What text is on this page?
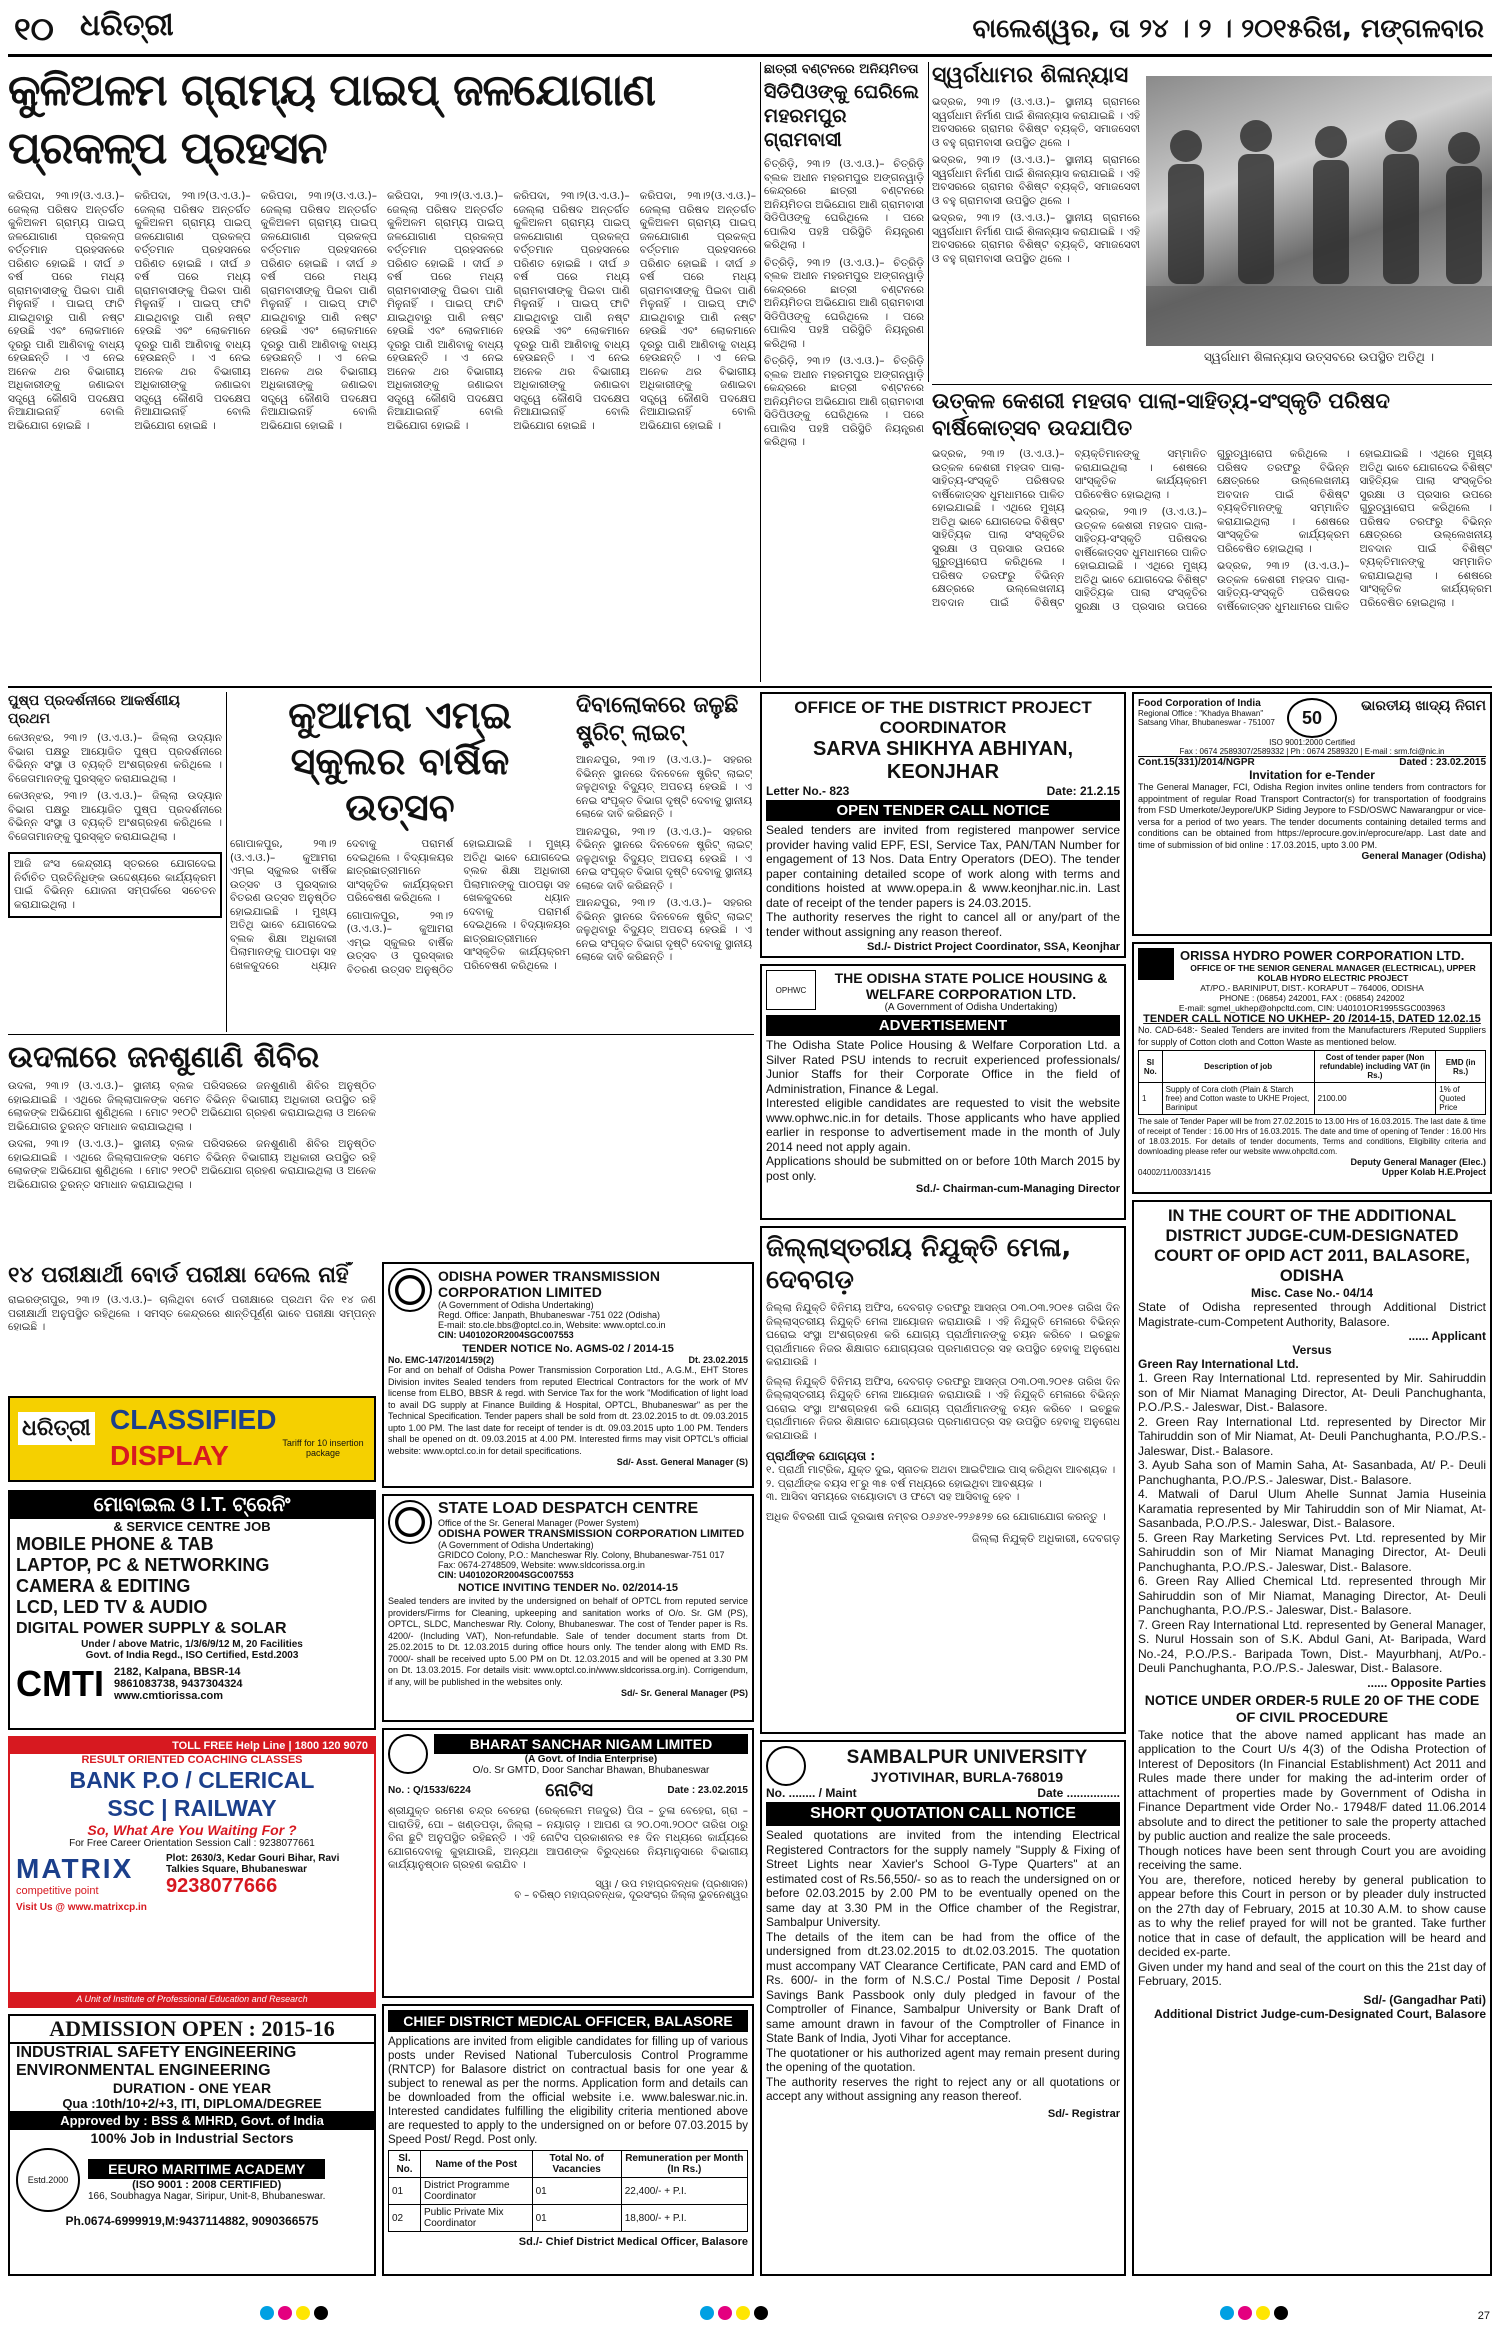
୧୦ ଧରିତ୍ରୀ	ବାଲେଶ୍ୱର, ତା ୨୪ । ୨ । ୨୦୧୫ରିଖ, ମଙ୍ଗଳବାର
କୁଳିଅଳମ ଗ୍ରାମ୍ୟ ପାଇପ୍ ଜଳଯୋଗାଣ ପ୍ରକଳ୍ପ ପ୍ରହସନ

କରିପଦା, ୨୩।୨(ଓ.ଏ.ଓ.)– ଜେଲ୍ଲା ପରିଷଦ ଅନ୍ତର୍ଗତ କୁଳିଅଳମ ଗ୍ରାମ୍ୟ ପାଇପ୍ ଜଳଯୋଗାଣ ପ୍ରକଳ୍ପ ବର୍ତ୍ତମାନ ପ୍ରହସନରେ ପରିଣତ ହୋଇଛି । ଦୀର୍ଘ ୬ ବର୍ଷ ପରେ ମଧ୍ୟ ଗ୍ରାମବାସୀଙ୍କୁ ପିଇବା ପାଣି ମିଳୁନାହିଁ । ପାଇପ୍ ଫାଟି ଯାଇଥିବାରୁ ପାଣି ନଷ୍ଟ ହେଉଛି ଏବଂ ଲୋକମାନେ ଦୂରରୁ ପାଣି ଆଣିବାକୁ ବାଧ୍ୟ ହେଉଛନ୍ତି । ଏ ନେଇ ଅନେକ ଥର ବିଭାଗୀୟ ଅଧିକାରୀଙ୍କୁ ଜଣାଇବା ସତ୍ତ୍ୱେ କୌଣସି ପଦକ୍ଷେପ ନିଆଯାଇନାହିଁ ବୋଲି ଅଭିଯୋଗ ହୋଇଛି ।

କରିପଦା, ୨୩।୨(ଓ.ଏ.ଓ.)– ଜେଲ୍ଲା ପରିଷଦ ଅନ୍ତର୍ଗତ କୁଳିଅଳମ ଗ୍ରାମ୍ୟ ପାଇପ୍ ଜଳଯୋଗାଣ ପ୍ରକଳ୍ପ ବର୍ତ୍ତମାନ ପ୍ରହସନରେ ପରିଣତ ହୋଇଛି । ଦୀର୍ଘ ୬ ବର୍ଷ ପରେ ମଧ୍ୟ ଗ୍ରାମବାସୀଙ୍କୁ ପିଇବା ପାଣି ମିଳୁନାହିଁ । ପାଇପ୍ ଫାଟି ଯାଇଥିବାରୁ ପାଣି ନଷ୍ଟ ହେଉଛି ଏବଂ ଲୋକମାନେ ଦୂରରୁ ପାଣି ଆଣିବାକୁ ବାଧ୍ୟ ହେଉଛନ୍ତି । ଏ ନେଇ ଅନେକ ଥର ବିଭାଗୀୟ ଅଧିକାରୀଙ୍କୁ ଜଣାଇବା ସତ୍ତ୍ୱେ କୌଣସି ପଦକ୍ଷେପ ନିଆଯାଇନାହିଁ ବୋଲି ଅଭିଯୋଗ ହୋଇଛି ।

କରିପଦା, ୨୩।୨(ଓ.ଏ.ଓ.)– ଜେଲ୍ଲା ପରିଷଦ ଅନ୍ତର୍ଗତ କୁଳିଅଳମ ଗ୍ରାମ୍ୟ ପାଇପ୍ ଜଳଯୋଗାଣ ପ୍ରକଳ୍ପ ବର୍ତ୍ତମାନ ପ୍ରହସନରେ ପରିଣତ ହୋଇଛି । ଦୀର୍ଘ ୬ ବର୍ଷ ପରେ ମଧ୍ୟ ଗ୍ରାମବାସୀଙ୍କୁ ପିଇବା ପାଣି ମିଳୁନାହିଁ । ପାଇପ୍ ଫାଟି ଯାଇଥିବାରୁ ପାଣି ନଷ୍ଟ ହେଉଛି ଏବଂ ଲୋକମାନେ ଦୂରରୁ ପାଣି ଆଣିବାକୁ ବାଧ୍ୟ ହେଉଛନ୍ତି । ଏ ନେଇ ଅନେକ ଥର ବିଭାଗୀୟ ଅଧିକାରୀଙ୍କୁ ଜଣାଇବା ସତ୍ତ୍ୱେ କୌଣସି ପଦକ୍ଷେପ ନିଆଯାଇନାହିଁ ବୋଲି ଅଭିଯୋଗ ହୋଇଛି ।

କରିପଦା, ୨୩।୨(ଓ.ଏ.ଓ.)– ଜେଲ୍ଲା ପରିଷଦ ଅନ୍ତର୍ଗତ କୁଳିଅଳମ ଗ୍ରାମ୍ୟ ପାଇପ୍ ଜଳଯୋଗାଣ ପ୍ରକଳ୍ପ ବର୍ତ୍ତମାନ ପ୍ରହସନରେ ପରିଣତ ହୋଇଛି । ଦୀର୍ଘ ୬ ବର୍ଷ ପରେ ମଧ୍ୟ ଗ୍ରାମବାସୀଙ୍କୁ ପିଇବା ପାଣି ମିଳୁନାହିଁ । ପାଇପ୍ ଫାଟି ଯାଇଥିବାରୁ ପାଣି ନଷ୍ଟ ହେଉଛି ଏବଂ ଲୋକମାନେ ଦୂରରୁ ପାଣି ଆଣିବାକୁ ବାଧ୍ୟ ହେଉଛନ୍ତି । ଏ ନେଇ ଅନେକ ଥର ବିଭାଗୀୟ ଅଧିକାରୀଙ୍କୁ ଜଣାଇବା ସତ୍ତ୍ୱେ କୌଣସି ପଦକ୍ଷେପ ନିଆଯାଇନାହିଁ ବୋଲି ଅଭିଯୋଗ ହୋଇଛି ।

କରିପଦା, ୨୩।୨(ଓ.ଏ.ଓ.)– ଜେଲ୍ଲା ପରିଷଦ ଅନ୍ତର୍ଗତ କୁଳିଅଳମ ଗ୍ରାମ୍ୟ ପାଇପ୍ ଜଳଯୋଗାଣ ପ୍ରକଳ୍ପ ବର୍ତ୍ତମାନ ପ୍ରହସନରେ ପରିଣତ ହୋଇଛି । ଦୀର୍ଘ ୬ ବର୍ଷ ପରେ ମଧ୍ୟ ଗ୍ରାମବାସୀଙ୍କୁ ପିଇବା ପାଣି ମିଳୁନାହିଁ । ପାଇପ୍ ଫାଟି ଯାଇଥିବାରୁ ପାଣି ନଷ୍ଟ ହେଉଛି ଏବଂ ଲୋକମାନେ ଦୂରରୁ ପାଣି ଆଣିବାକୁ ବାଧ୍ୟ ହେଉଛନ୍ତି । ଏ ନେଇ ଅନେକ ଥର ବିଭାଗୀୟ ଅଧିକାରୀଙ୍କୁ ଜଣାଇବା ସତ୍ତ୍ୱେ କୌଣସି ପଦକ୍ଷେପ ନିଆଯାଇନାହିଁ ବୋଲି ଅଭିଯୋଗ ହୋଇଛି ।

କରିପଦା, ୨୩।୨(ଓ.ଏ.ଓ.)– ଜେଲ୍ଲା ପରିଷଦ ଅନ୍ତର୍ଗତ କୁଳିଅଳମ ଗ୍ରାମ୍ୟ ପାଇପ୍ ଜଳଯୋଗାଣ ପ୍ରକଳ୍ପ ବର୍ତ୍ତମାନ ପ୍ରହସନରେ ପରିଣତ ହୋଇଛି । ଦୀର୍ଘ ୬ ବର୍ଷ ପରେ ମଧ୍ୟ ଗ୍ରାମବାସୀଙ୍କୁ ପିଇବା ପାଣି ମିଳୁନାହିଁ । ପାଇପ୍ ଫାଟି ଯାଇଥିବାରୁ ପାଣି ନଷ୍ଟ ହେଉଛି ଏବଂ ଲୋକମାନେ ଦୂରରୁ ପାଣି ଆଣିବାକୁ ବାଧ୍ୟ ହେଉଛନ୍ତି । ଏ ନେଇ ଅନେକ ଥର ବିଭାଗୀୟ ଅଧିକାରୀଙ୍କୁ ଜଣାଇବା ସତ୍ତ୍ୱେ କୌଣସି ପଦକ୍ଷେପ ନିଆଯାଇନାହିଁ ବୋଲି ଅଭିଯୋଗ ହୋଇଛି ।

ଛାତ୍ରୀ ବଣ୍ଟନରେ ଅନିୟମିତତା
ସିଡିପିଓଙ୍କୁ ଘେରିଲେ ମହରମପୁର ଗ୍ରାମବାସୀ

ଚିତ୍ରିଡ଼ି, ୨୩।୨ (ଓ.ଏ.ଓ.)– ଚିତ୍ରିଡ଼ି ବ୍ଲକ ଅଧୀନ ମହରମପୁର ଅଙ୍ଗନୱାଡ଼ି କେନ୍ଦ୍ରରେ ଛାତ୍ରୀ ବଣ୍ଟନରେ ଅନିୟମିତତା ଅଭିଯୋଗ ଆଣି ଗ୍ରାମବାସୀ ସିଡିପିଓଙ୍କୁ ଘେରିଥିଲେ । ପରେ ପୋଲିସ ପହଞ୍ଚି ପରିସ୍ଥିତି ନିୟନ୍ତ୍ରଣ କରିଥିଲା ।

ଚିତ୍ରିଡ଼ି, ୨୩।୨ (ଓ.ଏ.ଓ.)– ଚିତ୍ରିଡ଼ି ବ୍ଲକ ଅଧୀନ ମହରମପୁର ଅଙ୍ଗନୱାଡ଼ି କେନ୍ଦ୍ରରେ ଛାତ୍ରୀ ବଣ୍ଟନରେ ଅନିୟମିତତା ଅଭିଯୋଗ ଆଣି ଗ୍ରାମବାସୀ ସିଡିପିଓଙ୍କୁ ଘେରିଥିଲେ । ପରେ ପୋଲିସ ପହଞ୍ଚି ପରିସ୍ଥିତି ନିୟନ୍ତ୍ରଣ କରିଥିଲା ।

ଚିତ୍ରିଡ଼ି, ୨୩।୨ (ଓ.ଏ.ଓ.)– ଚିତ୍ରିଡ଼ି ବ୍ଲକ ଅଧୀନ ମହରମପୁର ଅଙ୍ଗନୱାଡ଼ି କେନ୍ଦ୍ରରେ ଛାତ୍ରୀ ବଣ୍ଟନରେ ଅନିୟମିତତା ଅଭିଯୋଗ ଆଣି ଗ୍ରାମବାସୀ ସିଡିପିଓଙ୍କୁ ଘେରିଥିଲେ । ପରେ ପୋଲିସ ପହଞ୍ଚି ପରିସ୍ଥିତି ନିୟନ୍ତ୍ରଣ କରିଥିଲା ।

ସ୍ୱର୍ଗଧାମର ଶିଳାନ୍ୟାସ

ଭଦ୍ରକ, ୨୩।୨ (ଓ.ଏ.ଓ.)– ସ୍ଥାନୀୟ ଗ୍ରାମରେ ସ୍ୱର୍ଗଧାମ ନିର୍ମାଣ ପାଇଁ ଶିଳାନ୍ୟାସ କରାଯାଇଛି । ଏହି ଅବସରରେ ଗ୍ରାମର ବିଶିଷ୍ଟ ବ୍ୟକ୍ତି, ସମାଜସେବୀ ଓ ବହୁ ଗ୍ରାମବାସୀ ଉପସ୍ଥିତ ଥିଲେ ।

ଭଦ୍ରକ, ୨୩।୨ (ଓ.ଏ.ଓ.)– ସ୍ଥାନୀୟ ଗ୍ରାମରେ ସ୍ୱର୍ଗଧାମ ନିର୍ମାଣ ପାଇଁ ଶିଳାନ୍ୟାସ କରାଯାଇଛି । ଏହି ଅବସରରେ ଗ୍ରାମର ବିଶିଷ୍ଟ ବ୍ୟକ୍ତି, ସମାଜସେବୀ ଓ ବହୁ ଗ୍ରାମବାସୀ ଉପସ୍ଥିତ ଥିଲେ ।

ଭଦ୍ରକ, ୨୩।୨ (ଓ.ଏ.ଓ.)– ସ୍ଥାନୀୟ ଗ୍ରାମରେ ସ୍ୱର୍ଗଧାମ ନିର୍ମାଣ ପାଇଁ ଶିଳାନ୍ୟାସ କରାଯାଇଛି । ଏହି ଅବସରରେ ଗ୍ରାମର ବିଶିଷ୍ଟ ବ୍ୟକ୍ତି, ସମାଜସେବୀ ଓ ବହୁ ଗ୍ରାମବାସୀ ଉପସ୍ଥିତ ଥିଲେ ।

ସ୍ୱର୍ଗଧାମ ଶିଳାନ୍ୟାସ ଉତ୍ସବରେ ଉପସ୍ଥିତ ଅତିଥି ।
ଉତ୍କଳ କେଶରୀ ମହତାବ ପାଲା-ସାହିତ୍ୟ-ସଂସ୍କୃତି ପରିଷଦ ବାର୍ଷିକୋତ୍ସବ ଉଦଯାପିତ

ଭଦ୍ରକ, ୨୩।୨ (ଓ.ଏ.ଓ.)– ଉତ୍କଳ କେଶରୀ ମହତାବ ପାଲା-ସାହିତ୍ୟ-ସଂସ୍କୃତି ପରିଷଦର ବାର୍ଷିକୋତ୍ସବ ଧୁମଧାମରେ ପାଳିତ ହୋଇଯାଇଛି । ଏଥିରେ ମୁଖ୍ୟ ଅତିଥି ଭାବେ ଯୋଗଦେଇ ବିଶିଷ୍ଟ ସାହିତ୍ୟିକ ପାଲା ସଂସ୍କୃତିର ସୁରକ୍ଷା ଓ ପ୍ରସାର ଉପରେ ଗୁରୁତ୍ୱାରୋପ କରିଥିଲେ । ପରିଷଦ ତରଫରୁ ବିଭିନ୍ନ କ୍ଷେତ୍ରରେ ଉଲ୍ଲେଖନୀୟ ଅବଦାନ ପାଇଁ ବିଶିଷ୍ଟ ବ୍ୟକ୍ତିମାନଙ୍କୁ ସମ୍ମାନିତ କରାଯାଇଥିଲା । ଶେଷରେ ସାଂସ୍କୃତିକ କାର୍ଯ୍ୟକ୍ରମ ପରିବେଷିତ ହୋଇଥିଲା ।

ଭଦ୍ରକ, ୨୩।୨ (ଓ.ଏ.ଓ.)– ଉତ୍କଳ କେଶରୀ ମହତାବ ପାଲା-ସାହିତ୍ୟ-ସଂସ୍କୃତି ପରିଷଦର ବାର୍ଷିକୋତ୍ସବ ଧୁମଧାମରେ ପାଳିତ ହୋଇଯାଇଛି । ଏଥିରେ ମୁଖ୍ୟ ଅତିଥି ଭାବେ ଯୋଗଦେଇ ବିଶିଷ୍ଟ ସାହିତ୍ୟିକ ପାଲା ସଂସ୍କୃତିର ସୁରକ୍ଷା ଓ ପ୍ରସାର ଉପରେ ଗୁରୁତ୍ୱାରୋପ କରିଥିଲେ । ପରିଷଦ ତରଫରୁ ବିଭିନ୍ନ କ୍ଷେତ୍ରରେ ଉଲ୍ଲେଖନୀୟ ଅବଦାନ ପାଇଁ ବିଶିଷ୍ଟ ବ୍ୟକ୍ତିମାନଙ୍କୁ ସମ୍ମାନିତ କରାଯାଇଥିଲା । ଶେଷରେ ସାଂସ୍କୃତିକ କାର୍ଯ୍ୟକ୍ରମ ପରିବେଷିତ ହୋଇଥିଲା ।

ଭଦ୍ରକ, ୨୩।୨ (ଓ.ଏ.ଓ.)– ଉତ୍କଳ କେଶରୀ ମହତାବ ପାଲା-ସାହିତ୍ୟ-ସଂସ୍କୃତି ପରିଷଦର ବାର୍ଷିକୋତ୍ସବ ଧୁମଧାମରେ ପାଳିତ ହୋଇଯାଇଛି । ଏଥିରେ ମୁଖ୍ୟ ଅତିଥି ଭାବେ ଯୋଗଦେଇ ବିଶିଷ୍ଟ ସାହିତ୍ୟିକ ପାଲା ସଂସ୍କୃତିର ସୁରକ୍ଷା ଓ ପ୍ରସାର ଉପରେ ଗୁରୁତ୍ୱାରୋପ କରିଥିଲେ । ପରିଷଦ ତରଫରୁ ବିଭିନ୍ନ କ୍ଷେତ୍ରରେ ଉଲ୍ଲେଖନୀୟ ଅବଦାନ ପାଇଁ ବିଶିଷ୍ଟ ବ୍ୟକ୍ତିମାନଙ୍କୁ ସମ୍ମାନିତ କରାଯାଇଥିଲା । ଶେଷରେ ସାଂସ୍କୃତିକ କାର୍ଯ୍ୟକ୍ରମ ପରିବେଷିତ ହୋଇଥିଲା ।

ପୁଷ୍ପ ପ୍ରଦର୍ଶନୀରେ ଆକର୍ଷଣୀୟ ପ୍ରଥମ

କେଓନ୍ଝର, ୨୩।୨ (ଓ.ଏ.ଓ.)– ଜିଲ୍ଲା ଉଦ୍ୟାନ ବିଭାଗ ପକ୍ଷରୁ ଆୟୋଜିତ ପୁଷ୍ପ ପ୍ରଦର୍ଶନୀରେ ବିଭିନ୍ନ ସଂସ୍ଥା ଓ ବ୍ୟକ୍ତି ଅଂଶଗ୍ରହଣ କରିଥିଲେ । ବିଜେତାମାନଙ୍କୁ ପୁରସ୍କୃତ କରାଯାଇଥିଲା ।

କେଓନ୍ଝର, ୨୩।୨ (ଓ.ଏ.ଓ.)– ଜିଲ୍ଲା ଉଦ୍ୟାନ ବିଭାଗ ପକ୍ଷରୁ ଆୟୋଜିତ ପୁଷ୍ପ ପ୍ରଦର୍ଶନୀରେ ବିଭିନ୍ନ ସଂସ୍ଥା ଓ ବ୍ୟକ୍ତି ଅଂଶଗ୍ରହଣ କରିଥିଲେ । ବିଜେତାମାନଙ୍କୁ ପୁରସ୍କୃତ କରାଯାଇଥିଲା ।

ଆଜି ଜଂସ କେନ୍ଦ୍ରୀୟ ସ୍ତରରେ ଯୋଗଦେଇ ନିର୍ବାଚିତ ପ୍ରତିନିଧିଙ୍କ ଉଦ୍ଦେଶ୍ୟରେ କାର୍ଯ୍ୟକ୍ରମ ପାଇଁ ବିଭିନ୍ନ ଯୋଜନା ସମ୍ପର୍କରେ ସଚେତନ କରାଯାଇଥିଲା ।

କୁଆମରା ଏମ୍ଇ
ସ୍କୁଲର ବାର୍ଷିକ ଉତ୍ସବ

ଗୋପାଳପୁର, ୨୩।୨ (ଓ.ଏ.ଓ.)– କୁଆମରା ଏମ୍ଇ ସ୍କୁଲର ବାର୍ଷିକ ଉତ୍ସବ ଓ ପୁରସ୍କାର ବିତରଣ ଉତ୍ସବ ଅନୁଷ୍ଠିତ ହୋଇଯାଇଛି । ମୁଖ୍ୟ ଅତିଥି ଭାବେ ଯୋଗଦେଇ ବ୍ଲକ ଶିକ୍ଷା ଅଧିକାରୀ ପିଲାମାନଙ୍କୁ ପାଠପଢ଼ା ସହ ଖେଳକୁଦରେ ଧ୍ୟାନ ଦେବାକୁ ପରାମର୍ଶ ଦେଇଥିଲେ । ବିଦ୍ୟାଳୟର ଛାତ୍ରଛାତ୍ରୀମାନେ ସାଂସ୍କୃତିକ କାର୍ଯ୍ୟକ୍ରମ ପରିବେଷଣ କରିଥିଲେ ।

ଗୋପାଳପୁର, ୨୩।୨ (ଓ.ଏ.ଓ.)– କୁଆମରା ଏମ୍ଇ ସ୍କୁଲର ବାର୍ଷିକ ଉତ୍ସବ ଓ ପୁରସ୍କାର ବିତରଣ ଉତ୍ସବ ଅନୁଷ୍ଠିତ ହୋଇଯାଇଛି । ମୁଖ୍ୟ ଅତିଥି ଭାବେ ଯୋଗଦେଇ ବ୍ଲକ ଶିକ୍ଷା ଅଧିକାରୀ ପିଲାମାନଙ୍କୁ ପାଠପଢ଼ା ସହ ଖେଳକୁଦରେ ଧ୍ୟାନ ଦେବାକୁ ପରାମର୍ଶ ଦେଇଥିଲେ । ବିଦ୍ୟାଳୟର ଛାତ୍ରଛାତ୍ରୀମାନେ ସାଂସ୍କୃତିକ କାର୍ଯ୍ୟକ୍ରମ ପରିବେଷଣ କରିଥିଲେ ।

ଦିବାଲୋକରେ ଜଳୁଛି ଷ୍ଟ୍ରିଟ୍ ଲାଇଟ୍

ଆନନ୍ଦପୁର, ୨୩।୨ (ଓ.ଏ.ଓ.)– ସହରର ବିଭିନ୍ନ ସ୍ଥାନରେ ଦିନବେଳେ ଷ୍ଟ୍ରିଟ୍ ଲାଇଟ୍ ଜଳୁଥିବାରୁ ବିଦ୍ୟୁତ୍ ଅପଚୟ ହେଉଛି । ଏ ନେଇ ସଂପୃକ୍ତ ବିଭାଗ ଦୃଷ୍ଟି ଦେବାକୁ ସ୍ଥାନୀୟ ଲୋକେ ଦାବି କରିଛନ୍ତି ।

ଆନନ୍ଦପୁର, ୨୩।୨ (ଓ.ଏ.ଓ.)– ସହରର ବିଭିନ୍ନ ସ୍ଥାନରେ ଦିନବେଳେ ଷ୍ଟ୍ରିଟ୍ ଲାଇଟ୍ ଜଳୁଥିବାରୁ ବିଦ୍ୟୁତ୍ ଅପଚୟ ହେଉଛି । ଏ ନେଇ ସଂପୃକ୍ତ ବିଭାଗ ଦୃଷ୍ଟି ଦେବାକୁ ସ୍ଥାନୀୟ ଲୋକେ ଦାବି କରିଛନ୍ତି ।

ଆନନ୍ଦପୁର, ୨୩।୨ (ଓ.ଏ.ଓ.)– ସହରର ବିଭିନ୍ନ ସ୍ଥାନରେ ଦିନବେଳେ ଷ୍ଟ୍ରିଟ୍ ଲାଇଟ୍ ଜଳୁଥିବାରୁ ବିଦ୍ୟୁତ୍ ଅପଚୟ ହେଉଛି । ଏ ନେଇ ସଂପୃକ୍ତ ବିଭାଗ ଦୃଷ୍ଟି ଦେବାକୁ ସ୍ଥାନୀୟ ଲୋକେ ଦାବି କରିଛନ୍ତି ।

ଉଦଳାରେ ଜନଶୁଣାଣି ଶିବିର

ଉଦଳା, ୨୩।୨ (ଓ.ଏ.ଓ.)– ସ୍ଥାନୀୟ ବ୍ଲକ ପରିସରରେ ଜନଶୁଣାଣି ଶିବିର ଅନୁଷ୍ଠିତ ହୋଇଯାଇଛି । ଏଥିରେ ଜିଲ୍ଲାପାଳଙ୍କ ସମେତ ବିଭିନ୍ନ ବିଭାଗୀୟ ଅଧିକାରୀ ଉପସ୍ଥିତ ରହି ଲୋକଙ୍କ ଅଭିଯୋଗ ଶୁଣିଥିଲେ । ମୋଟ ୨୧୦ଟି ଅଭିଯୋଗ ଗ୍ରହଣ କରାଯାଇଥିଲା ଓ ଅନେକ ଅଭିଯୋଗର ତୁରନ୍ତ ସମାଧାନ କରାଯାଇଥିଲା ।

ଉଦଳା, ୨୩।୨ (ଓ.ଏ.ଓ.)– ସ୍ଥାନୀୟ ବ୍ଲକ ପରିସରରେ ଜନଶୁଣାଣି ଶିବିର ଅନୁଷ୍ଠିତ ହୋଇଯାଇଛି । ଏଥିରେ ଜିଲ୍ଲାପାଳଙ୍କ ସମେତ ବିଭିନ୍ନ ବିଭାଗୀୟ ଅଧିକାରୀ ଉପସ୍ଥିତ ରହି ଲୋକଙ୍କ ଅଭିଯୋଗ ଶୁଣିଥିଲେ । ମୋଟ ୨୧୦ଟି ଅଭିଯୋଗ ଗ୍ରହଣ କରାଯାଇଥିଲା ଓ ଅନେକ ଅଭିଯୋଗର ତୁରନ୍ତ ସମାଧାନ କରାଯାଇଥିଲା ।

୧୪ ପରୀକ୍ଷାର୍ଥୀ ବୋର୍ଡ ପରୀକ୍ଷା ଦେଲେ ନାହିଁ

ରାଇରଙ୍ଗପୁର, ୨୩।୨ (ଓ.ଏ.ଓ.)– ଚାଲିଥିବା ବୋର୍ଡ ପରୀକ୍ଷାରେ ପ୍ରଥମ ଦିନ ୧୪ ଜଣ ପରୀକ୍ଷାର୍ଥୀ ଅନୁପସ୍ଥିତ ରହିଥିଲେ । ସମସ୍ତ କେନ୍ଦ୍ରରେ ଶାନ୍ତିପୂର୍ଣ୍ଣ ଭାବେ ପରୀକ୍ଷା ସମ୍ପନ୍ନ ହୋଇଛି ।

ଧରିତ୍ରୀ CLASSIFIED
DISPLAY	Tariff for 10 insertion package
ମୋବାଇଲ ଓ I.T. ଟ୍ରେନିଂ
& SERVICE CENTRE JOB
MOBILE PHONE & TAB
LAPTOP, PC & NETWORKING
CAMERA & EDITING
LCD, LED TV & AUDIO
DIGITAL POWER SUPPLY & SOLAR
Under / above Matric, 1/3/6/9/12 M, 20 Facilities
Govt. of India Regd., ISO Certified, Estd.2003
CMTI 2182, Kalpana, BBSR-14
9861083738, 9437304324
www.cmtiorissa.com
TOLL FREE Help Line | 1800 120 9070
RESULT ORIENTED COACHING CLASSES
BANK P.O / CLERICAL
SSC | RAILWAY
So, What Are You Waiting For ?
For Free Career Orientation Session Call : 9238077661
MATRIX
competitive point
Plot: 2630/3, Kedar Gouri Bihar, Ravi Talkies Square, Bhubaneswar
9238077666
Visit Us @ www.matrixcp.in
A Unit of Institute of Professional Education and Research
ADMISSION OPEN : 2015-16
INDUSTRIAL SAFETY ENGINEERING
ENVIRONMENTAL ENGINEERING
DURATION - ONE YEAR
Qua :10th/10+2/+3, ITI, DIPLOMA/DEGREE
Approved by : BSS & MHRD, Govt. of India
100% Job in Industrial Sectors
Estd.2000
EEURO MARITIME ACADEMY
(ISO 9001 : 2008 CERTIFIED)
166, Soubhagya Nagar, Siripur, Unit-8, Bhubaneswar.
Ph.0674-6999919,M:9437114882, 9090366575
ODISHA POWER TRANSMISSION CORPORATION LIMITED
(A Government of Odisha Undertaking)
Regd. Office: Janpath, Bhubaneswar -751 022 (Odisha)
E-mail: sto.cle.bbs@optcl.co.in, Website: www.optcl.co.in
CIN: U40102OR2004SGC007553
TENDER NOTICE No. AGMS-02 / 2014-15
No. EMC-147/2014/159(2)	Dt. 23.02.2015

For and on behalf of Odisha Power Transmission Corporation Ltd., A.G.M., EHT Stores Division invites Sealed tenders from reputed Electrical Contractors for the work of MV license from ELBO, BBSR & regd. with Service Tax for the work "Modification of light load to avail DG supply at Finance Building & Hospital, OPTCL, Bhubaneswar" as per the Technical Specification. Tender papers shall be sold from dt. 23.02.2015 to dt. 09.03.2015 upto 1.00 PM. The last date for receipt of tender is dt. 09.03.2015 upto 1.00 PM. Tenders shall be opened on dt. 09.03.2015 at 4.00 PM. Interested firms may visit OPTCL's official website: www.optcl.co.in for detail specifications.

Sd/- Asst. General Manager (S)
STATE LOAD DESPATCH CENTRE
Office of the Sr. General Manager (Power System)
ODISHA POWER TRANSMISSION CORPORATION LIMITED
(A Government of Odisha Undertaking)
GRIDCO Colony, P.O.: Mancheswar Rly. Colony, Bhubaneswar-751 017
Fax: 0674-2748509, Website: www.sldcorissa.org.in
CIN: U40102OR2004SGC007553
NOTICE INVITING TENDER No. 02/2014-15

Sealed tenders are invited by the undersigned on behalf of OPTCL from reputed service providers/Firms for Cleaning, upkeeping and sanitation works of O/o. Sr. GM (PS), OPTCL, SLDC, Mancheswar Rly. Colony, Bhubaneswar. The cost of Tender paper is Rs. 4200/- (Including VAT), Non-refundable. Sale of tender document starts from Dt. 25.02.2015 to Dt. 12.03.2015 during office hours only. The tender along with EMD Rs. 7000/- shall be received upto 5.00 PM on Dt. 12.03.2015 and will be opened at 3.30 PM on Dt. 13.03.2015. For details visit: www.optcl.co.in/www.sldcorissa.org.in). Corrigendum, if any, will be published in the websites only.

Sd/- Sr. General Manager (PS)
BHARAT SANCHAR NIGAM LIMITED
(A Govt. of India Enterprise)
O/o. Sr GMTD, Door Sanchar Bhawan, Bhubaneswar
No. : Q/1533/6224	ନୋଟିସ	Date : 23.02.2015

ଶ୍ରୀଯୁକ୍ତ ରମେଶ ଚନ୍ଦ୍ର ବେହେରା (ରେକ୍ଲେମ ମଜଦୁର) ପିତା – ତୁଳା ବେହେରା, ଗ୍ରା – ପାରାଡିହି, ପୋ – ଖଣ୍ଡପଡ଼ା, ଜିଲ୍ଲା – ନୟାଗଡ଼ । ଆପଣ ତା ୨୦.୦୩.୨୦୦୯ ତାରିଖ ଠାରୁ ବିନା ଛୁଟି ଅନୁପସ୍ଥିତ ରହିଛନ୍ତି । ଏହି ନୋଟିସ ପ୍ରକାଶନର ୧୫ ଦିନ ମଧ୍ୟରେ କାର୍ଯ୍ୟରେ ଯୋଗଦେବାକୁ କୁହାଯାଉଛି, ଅନ୍ୟଥା ଆପଣଙ୍କ ବିରୁଦ୍ଧରେ ନିୟମାନୁସାରେ ବିଭାଗୀୟ କାର୍ଯ୍ୟାନୁଷ୍ଠାନ ଗ୍ରହଣ କରାଯିବ ।

ସ୍ୱା / ଉପ ମହାପ୍ରବନ୍ଧକ (ପ୍ରଶାସନ)
ବ – ବରିଷ୍ଠ ମହାପ୍ରବନ୍ଧକ, ଦୂରସଂଚାର ଜିଲ୍ଲା ଭୁବନେଶ୍ୱର
CHIEF DISTRICT MEDICAL OFFICER, BALASORE

Applications are invited from eligible candidates for filling up of various posts under Revised National Tuberculosis Control Programme (RNTCP) for Balasore district on contractual basis for one year & subject to renewal as per the norms. Application form and details can be downloaded from the official website i.e. www.baleswar.nic.in. Interested candidates fulfilling the eligibility criteria mentioned above are requested to apply to the undersigned on or before 07.03.2015 by Speed Post/ Regd. Post only.

Sl. No.	Name of the Post	Total No. of Vacancies	Remuneration per Month (In Rs.)
01	District Programme Coordinator	01	22,400/- + P.I.
02	Public Private Mix Coordinator	01	18,800/- + P.I.
Sd./- Chief District Medical Officer, Balasore
OFFICE OF THE DISTRICT PROJECT COORDINATOR
SARVA SHIKHYA ABHIYAN, KEONJHAR
Letter No.- 823	Date: 21.2.15
OPEN TENDER CALL NOTICE

Sealed tenders are invited from registered manpower service provider having valid EPF, ESI, Service Tax, PAN/TAN Number for engagement of 13 Nos. Data Entry Operators (DEO). The tender paper containing detailed scope of work along with terms and conditions hoisted at www.opepa.in & www.keonjhar.nic.in. Last date of receipt of the tender papers is 24.03.2015.

The authority reserves the right to cancel all or any/part of the tender without assigning any reason thereof.

Sd./- District Project Coordinator, SSA, Keonjhar
Food Corporation of India
Regional Office : "Khadya Bhawan"
Satsang Vihar, Bhubaneswar - 751007	50
ଭାରତୀୟ ଖାଦ୍ୟ ନିଗମ
ISO 9001:2000 Certified
Fax : 0674 2589307/2589332 | Ph : 0674 2589320 | E-mail : srm.fci@nic.in
Cont.15(331)/2014/NGPR	Dated : 23.02.2015
Invitation for e-Tender

The General Manager, FCI, Odisha Region invites online tenders from contractors for appointment of regular Road Transport Contractor(s) for transportation of foodgrains from FSD Umerkote/Jeypore/UKP Siding Jeypore to FSD/OSWC Nawarangpur or vice-versa for a period of two years. The tender documents containing detailed terms and conditions can be obtained from https://eprocure.gov.in/eprocure/app. Last date and time of submission of bid online : 17.03.2015, upto 3.00 PM.

General Manager (Odisha)
ORISSA HYDRO POWER CORPORATION LTD.
OFFICE OF THE SENIOR GENERAL MANAGER (ELECTRICAL), UPPER KOLAB HYDRO ELECTRIC PROJECT
AT/PO.- BARINIPUT, DIST.- KORAPUT – 764006, ODISHA
PHONE : (06854) 242001, FAX : (06854) 242002
E-mail: sgmel_ukhep@ohpcltd.com, CIN: U40101OR1995SGC003963
TENDER CALL NOTICE NO UKHEP- 20 /2014-15, DATED 12.02.15

No. CAD-648:- Sealed Tenders are invited from the Manufacturers /Reputed Suppliers for supply of Cotton cloth and Cotton Waste as mentioned below.

Sl No.	Description of job	Cost of tender paper (Non refundable) including VAT (in Rs.)	EMD (in Rs.)
1	Supply of Cora cloth (Plain & Starch free) and Cotton waste to UKHE Project, Bariniput	2100.00	1% of Quoted Price

The sale of Tender Paper will be from 27.02.2015 to 13.00 Hrs of 16.03.2015. The last date & time of receipt of Tender : 16.00 Hrs of 16.03.2015. The date and time of opening of Tender : 16.00 Hrs of 18.03.2015. For details of tender documents, Terms and conditions, Eligibility criteria and downloading please refer our website www.ohpcltd.com.

04002/11/0033/1415
Deputy General Manager (Elec.)
Upper Kolab H.E.Project
OPHWC
THE ODISHA STATE POLICE HOUSING & WELFARE CORPORATION LTD.
(A Government of Odisha Undertaking)
ADVERTISEMENT

The Odisha State Police Housing & Welfare Corporation Ltd. a Silver Rated PSU intends to recruit experienced professionals/ Junior Staffs for their Corporate Office in the field of Administration, Finance & Legal.

Interested eligible candidates are requested to visit the website www.ophwc.nic.in for details. Those applicants who have applied earlier in response to advertisement made in the month of July 2014 need not apply again.

Applications should be submitted on or before 10th March 2015 by post only.

Sd./- Chairman-cum-Managing Director
ଜିଲ୍ଲାସ୍ତରୀୟ ନିଯୁକ୍ତି ମେଳା, ଦେବଗଡ଼

ଜିଲ୍ଲା ନିଯୁକ୍ତି ବିନିମୟ ଅଫିସ, ଦେବଗଡ଼ ତରଫରୁ ଆସନ୍ତା ୦୩.୦୩.୨୦୧୫ ତାରିଖ ଦିନ ଜିଲ୍ଲାସ୍ତରୀୟ ନିଯୁକ୍ତି ମେଳା ଆୟୋଜନ କରାଯାଉଛି । ଏହି ନିଯୁକ୍ତି ମେଳାରେ ବିଭିନ୍ନ ଘରୋଇ ସଂସ୍ଥା ଅଂଶଗ୍ରହଣ କରି ଯୋଗ୍ୟ ପ୍ରାର୍ଥୀମାନଙ୍କୁ ଚୟନ କରିବେ । ଇଚ୍ଛୁକ ପ୍ରାର୍ଥୀମାନେ ନିଜର ଶିକ୍ଷାଗତ ଯୋଗ୍ୟତାର ପ୍ରମାଣପତ୍ର ସହ ଉପସ୍ଥିତ ହେବାକୁ ଅନୁରୋଧ କରାଯାଉଛି ।

ଜିଲ୍ଲା ନିଯୁକ୍ତି ବିନିମୟ ଅଫିସ, ଦେବଗଡ଼ ତରଫରୁ ଆସନ୍ତା ୦୩.୦୩.୨୦୧୫ ତାରିଖ ଦିନ ଜିଲ୍ଲାସ୍ତରୀୟ ନିଯୁକ୍ତି ମେଳା ଆୟୋଜନ କରାଯାଉଛି । ଏହି ନିଯୁକ୍ତି ମେଳାରେ ବିଭିନ୍ନ ଘରୋଇ ସଂସ୍ଥା ଅଂଶଗ୍ରହଣ କରି ଯୋଗ୍ୟ ପ୍ରାର୍ଥୀମାନଙ୍କୁ ଚୟନ କରିବେ । ଇଚ୍ଛୁକ ପ୍ରାର୍ଥୀମାନେ ନିଜର ଶିକ୍ଷାଗତ ଯୋଗ୍ୟତାର ପ୍ରମାଣପତ୍ର ସହ ଉପସ୍ଥିତ ହେବାକୁ ଅନୁରୋଧ କରାଯାଉଛି ।

ପ୍ରାର୍ଥୀଙ୍କ ଯୋଗ୍ୟତା :

୧. ପ୍ରାର୍ଥୀ ମାଟ୍ରିକ, ଯୁକ୍ତ ଦୁଇ, ସ୍ନାତକ ଅଥବା ଆଇଟିଆଇ ପାସ୍ କରିଥିବା ଆବଶ୍ୟକ ।

୨. ପ୍ରାର୍ଥୀଙ୍କ ବୟସ ୧୮ରୁ ୩୫ ବର୍ଷ ମଧ୍ୟରେ ହୋଇଥିବା ଆବଶ୍ୟକ ।

୩. ଆସିବା ସମୟରେ ବାୟୋଡାଟା ଓ ଫଟୋ ସହ ଆସିବାକୁ ହେବ ।

ଅଧିକ ବିବରଣୀ ପାଇଁ ଦୂରଭାଷ ନମ୍ବର ୦୬୬୪୧-୨୨୬୫୨୭ ରେ ଯୋଗାଯୋଗ କରନ୍ତୁ ।

ଜିଲ୍ଲା ନିଯୁକ୍ତି ଅଧିକାରୀ, ଦେବଗଡ଼
SAMBALPUR UNIVERSITY
JYOTIVIHAR, BURLA-768019
No. ........ / Maint	Date ................
SHORT QUOTATION CALL NOTICE

Sealed quotations are invited from the intending Electrical Registered Contractors for the supply namely "Supply & Fixing of Street Lights near Xavier's School G-Type Quarters" at an estimated cost of Rs.56,550/- so as to reach the undersigned on or before 02.03.2015 by 2.00 PM to be eventually opened on the same day at 3.30 PM in the Office chamber of the Registrar, Sambalpur University.

The details of the item can be had from the office of the undersigned from dt.23.02.2015 to dt.02.03.2015. The quotation must accompany VAT Clearance Certificate, PAN card and EMD of Rs. 600/- in the form of N.S.C./ Postal Time Deposit / Postal Savings Bank Passbook only duly pledged in favour of the Comptroller of Finance, Sambalpur University or Bank Draft of same amount drawn in favour of the Comptroller of Finance in State Bank of India, Jyoti Vihar for acceptance.

The quotationer or his authorized agent may remain present during the opening of the quotation.

The authority reserves the right to reject any or all quotations or accept any without assigning any reason thereof.

Sd/- Registrar
IN THE COURT OF THE ADDITIONAL DISTRICT JUDGE-CUM-DESIGNATED COURT OF OPID ACT 2011, BALASORE, ODISHA
Misc. Case No.- 04/14

State of Odisha represented through Additional District Magistrate-cum-Competent Authority, Balasore.

...... Applicant
Versus
Green Ray International Ltd.

1. Green Ray International Ltd. represented by Mir. Sahiruddin son of Mir Niamat Managing Director, At- Deuli Panchughanta, P.O./P.S.- Jaleswar, Dist.- Balasore.

2. Green Ray International Ltd. represented by Director Mir Tahiruddin son of Mir Niamat, At- Deuli Panchughanta, P.O./P.S.- Jaleswar, Dist.- Balasore.

3. Ayub Saha son of Mamin Saha, At- Sasanbada, At/ P.- Deuli Panchughanta, P.O./P.S.- Jaleswar, Dist.- Balasore.

4. Matwali of Darul Ulum Ahelle Sunnat Jamia Huseinia Karamatia represented by Mir Tahiruddin son of Mir Niamat, At- Sasanbada, P.O./P.S.- Jaleswar, Dist.- Balasore.

5. Green Ray Marketing Services Pvt. Ltd. represented by Mir Sahiruddin son of Mir Niamat Managing Director, At- Deuli Panchughanta, P.O./P.S.- Jaleswar, Dist.- Balasore.

6. Green Ray Allied Chemical Ltd. represented through Mir Sahiruddin son of Mir Niamat, Managing Director, At- Deuli Panchughanta, P.O./P.S.- Jaleswar, Dist.- Balasore.

7. Green Ray International Ltd. represented by General Manager, S. Nurul Hossain son of S.K. Abdul Gani, At- Baripada, Ward No.-24, P.O./P.S.- Baripada Town, Dist.- Mayurbhanj, At/Po.- Deuli Panchughanta, P.O./P.S.- Jaleswar, Dist.- Balasore.

...... Opposite Parties
NOTICE UNDER ORDER-5 RULE 20 OF THE CODE OF CIVIL PROCEDURE

Take notice that the above named applicant has made an application to the Court U/s 4(3) of the Odisha Protection of Interest of Depositors (In Financial Establishment) Act 2011 and Rules made there under for making the ad-interim order of attachment of properties made by Government of Odisha in Finance Department vide Order No.- 17948/F dated 11.06.2014 absolute and to direct the petitioner to sale the property attached by public auction and realize the sale proceeds.

Though notices have been sent through Court you are avoiding receiving the same.

You are, therefore, noticed hereby by general publication to appear before this Court in person or by pleader duly instructed on the 27th day of February, 2015 at 10.30 A.M. to show cause as to why the relief prayed for will not be granted. Take further notice that in case of default, the application will be heard and decided ex-parte.

Given under my hand and seal of the court on this the 21st day of February, 2015.

Sd/- (Gangadhar Pati)
Additional District Judge-cum-Designated Court, Balasore
27
